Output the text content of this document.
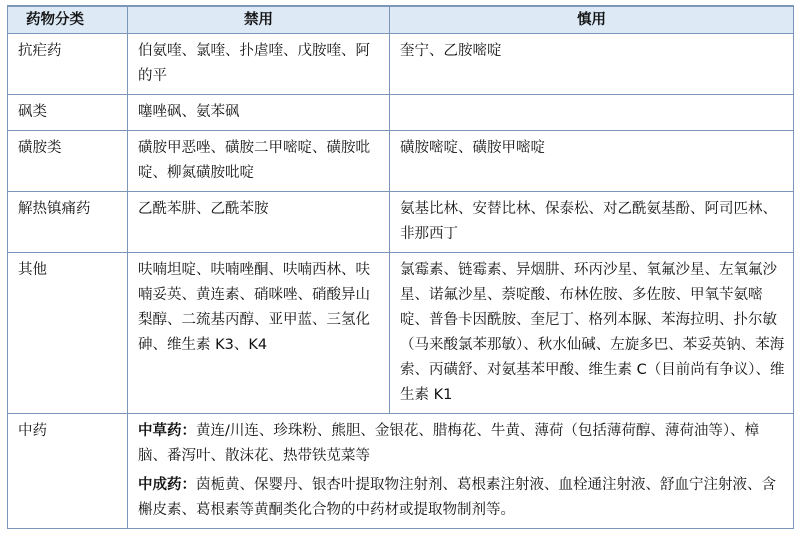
药物分类	禁用	慎用
抗疟药	伯氨喹、氯喹、扑虐喹、戊胺喹、阿的平	奎宁、乙胺嘧啶
砜类	噻唑砜、氨苯砜	
磺胺类	磺胺甲恶唑、磺胺二甲嘧啶、磺胺吡啶、柳氮磺胺吡啶	磺胺嘧啶、磺胺甲嘧啶
解热镇痛药	乙酰苯肼、乙酰苯胺	氨基比林、安替比林、保泰松、对乙酰氨基酚、阿司匹林、非那西丁
其他	呋喃坦啶、呋喃唑酮、呋喃西林、呋喃妥英、黄连素、硝咪唑、硝酸异山梨醇、二巯基丙醇、亚甲蓝、三氢化砷、维生素 K3、K4	氯霉素、链霉素、异烟肼、环丙沙星、氧氟沙星、左氧氟沙星、诺氟沙星、萘啶酸、布林佐胺、多佐胺、甲氧苄氨嘧啶、普鲁卡因酰胺、奎尼丁、格列本脲、苯海拉明、扑尔敏（马来酸氯苯那敏）、秋水仙碱、左旋多巴、苯妥英钠、苯海索、丙磺舒、对氨基苯甲酸、维生素 C（目前尚有争议）、维生素 K1
中药	中草药：黄连/川连、珍珠粉、熊胆、金银花、腊梅花、牛黄、薄荷（包括薄荷醇、薄荷油等）、樟脑、番泻叶、散沫花、热带铁苋菜等
中成药：茵栀黄、保婴丹、银杏叶提取物注射剂、葛根素注射液、血栓通注射液、舒血宁注射液、含槲皮素、葛根素等黄酮类化合物的中药材或提取物制剂等。	
